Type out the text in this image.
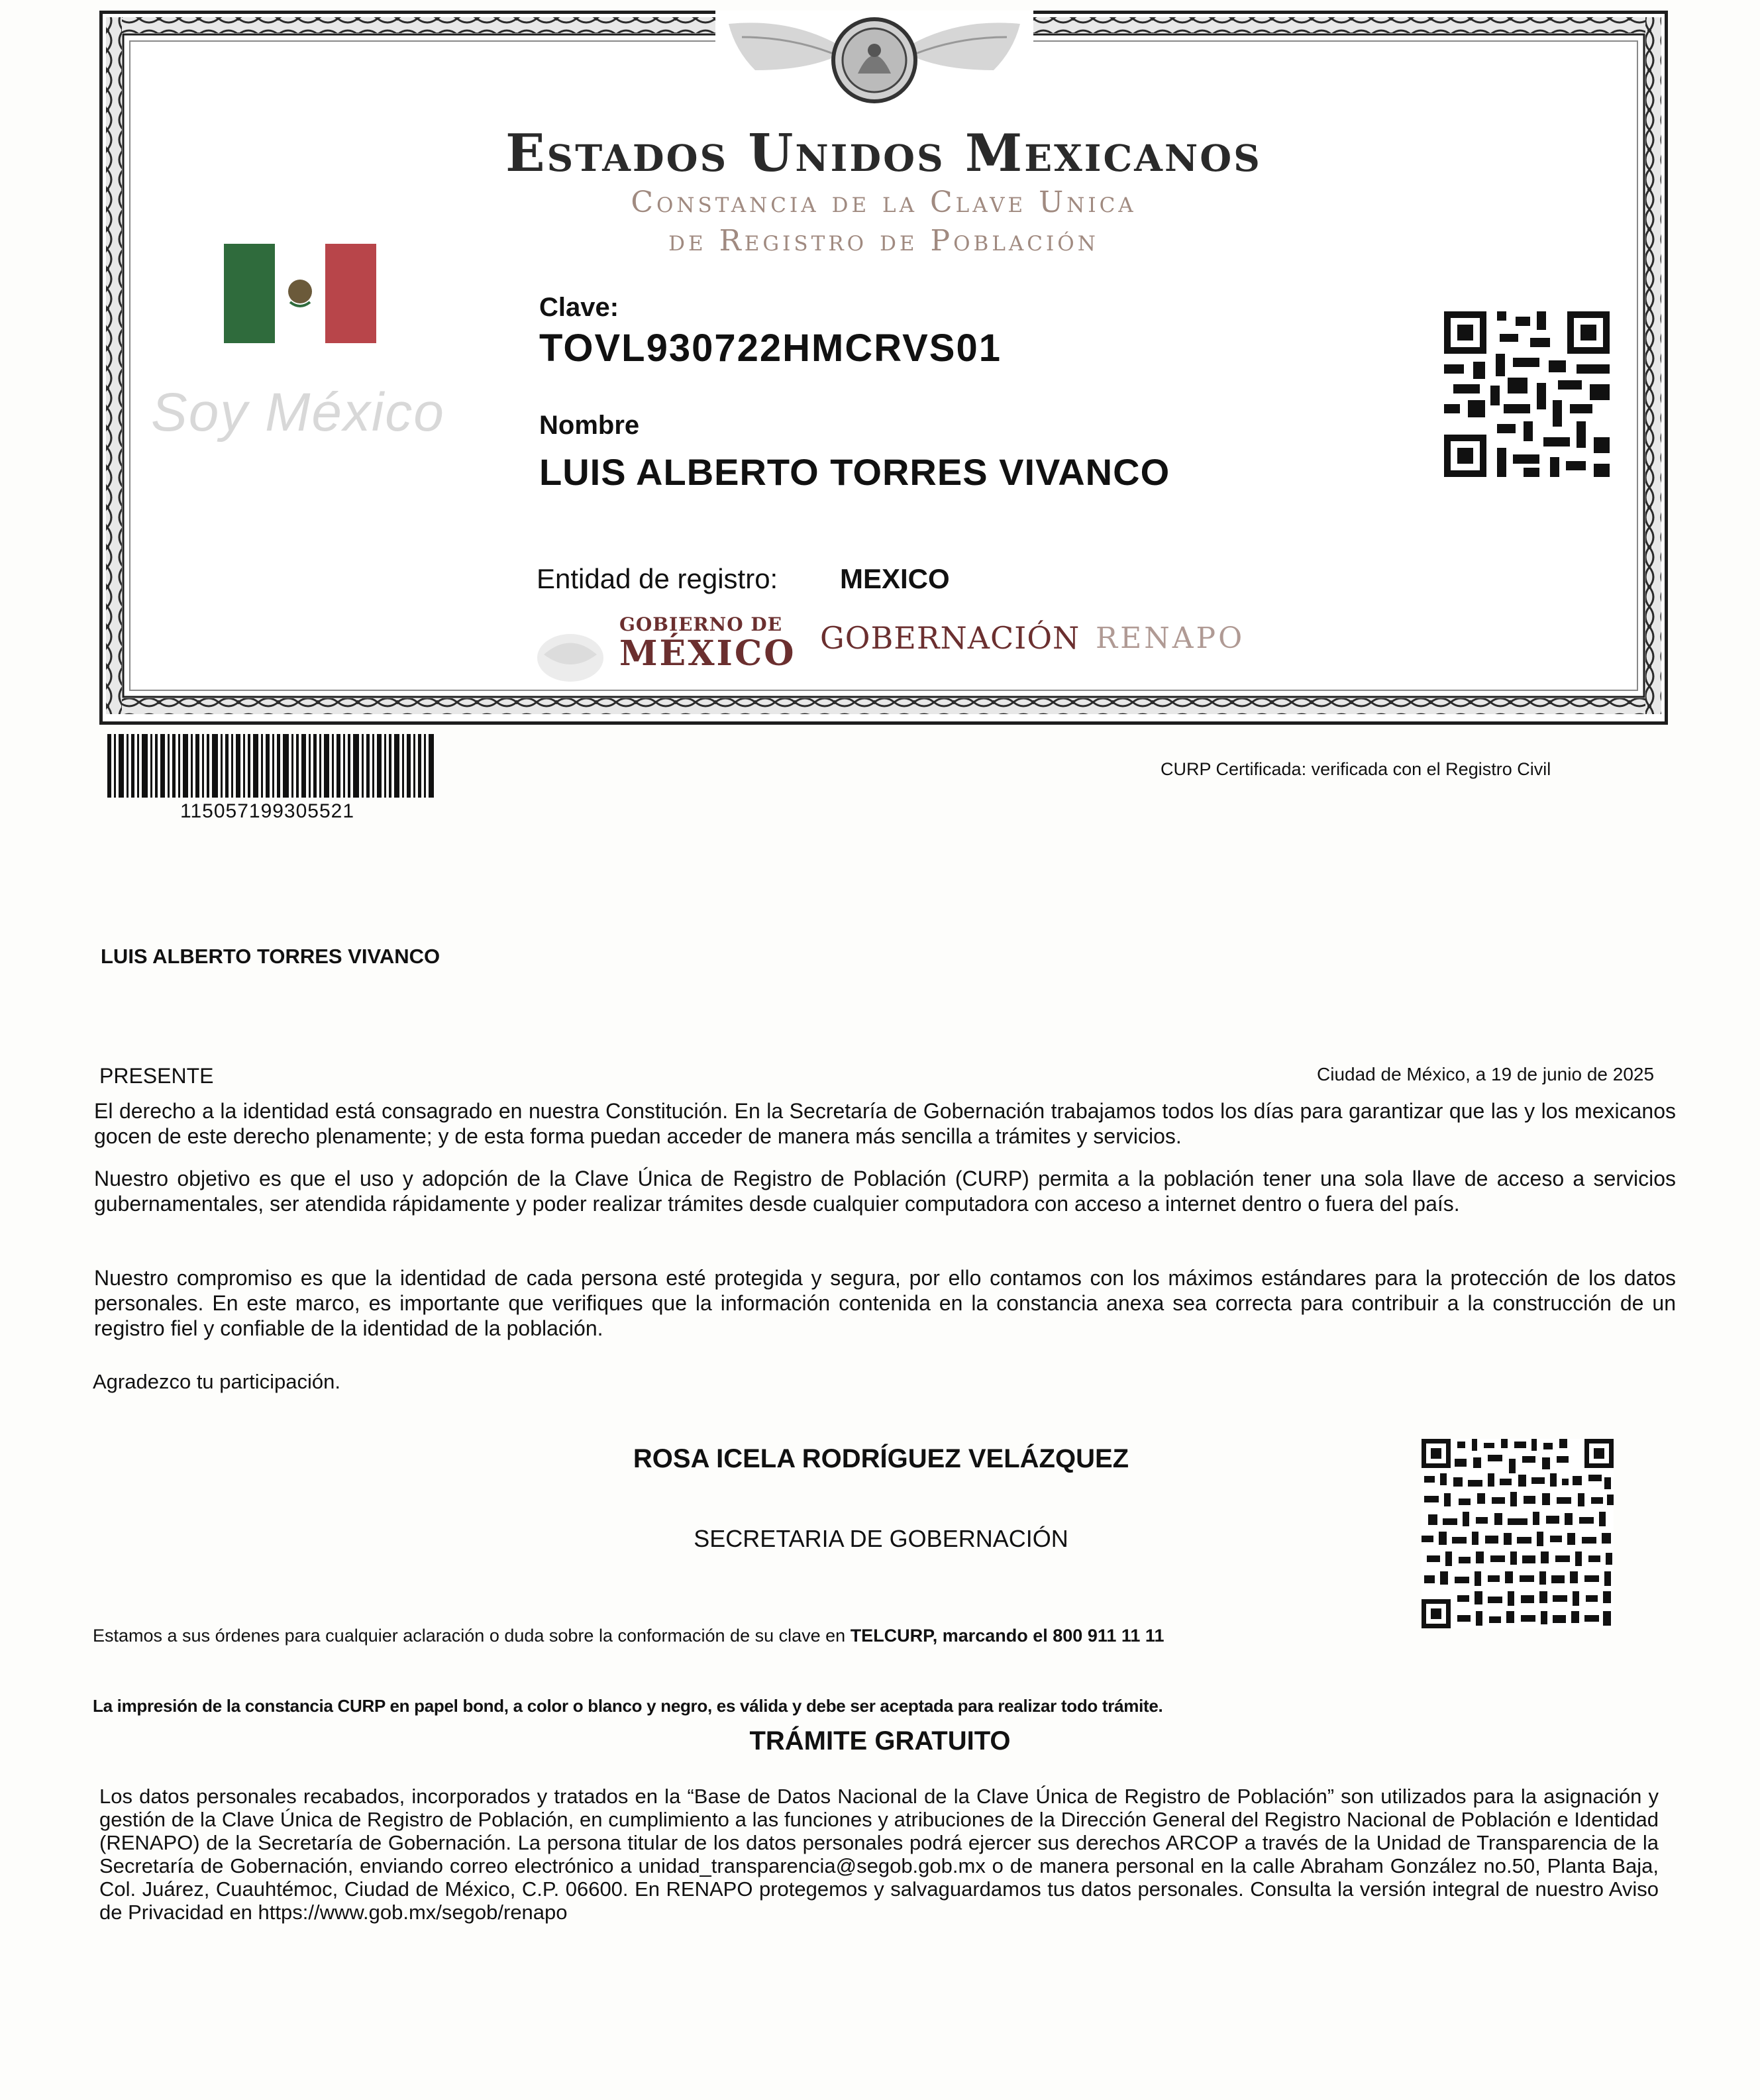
Estados Unidos Mexicanos
Constancia de la Clave Unica
de Registro de Población
Soy México
Clave:
TOVL930722HMCRVS01
Nombre
LUIS ALBERTO TORRES VIVANCO
Entidad de registro: MEXICO
GOBIERNO DE
MÉXICO GOBERNACIÓN RENAPO
115057199305521
CURP Certificada: verificada con el Registro Civil
LUIS ALBERTO TORRES VIVANCO
PRESENTE	Ciudad de México, a 19 de junio de 2025
El derecho a la identidad está consagrado en nuestra Constitución. En la Secretaría de Gobernación trabajamos todos los días para garantizar que las y los mexicanos gocen de este derecho plenamente; y de esta forma puedan acceder de manera más sencilla a trámites y servicios.
Nuestro objetivo es que el uso y adopción de la Clave Única de Registro de Población (CURP) permita a la población tener una sola llave de acceso a servicios gubernamentales, ser atendida rápidamente y poder realizar trámites desde cualquier computadora con acceso a internet dentro o fuera del país.
Nuestro compromiso es que la identidad de cada persona esté protegida y segura, por ello contamos con los máximos estándares para la protección de los datos personales. En este marco, es importante que verifiques que la información contenida en la constancia anexa sea correcta para contribuir a la construcción de un registro fiel y confiable de la identidad de la población.
Agradezco tu participación.
ROSA ICELA RODRÍGUEZ VELÁZQUEZ
SECRETARIA DE GOBERNACIÓN
Estamos a sus órdenes para cualquier aclaración o duda sobre la conformación de su clave en TELCURP, marcando el 800 911 11 11
La impresión de la constancia CURP en papel bond, a color o blanco y negro, es válida y debe ser aceptada para realizar todo trámite.
TRÁMITE GRATUITO
Los datos personales recabados, incorporados y tratados en la “Base de Datos Nacional de la Clave Única de Registro de Población” son utilizados para la asignación y gestión de la Clave Única de Registro de Población, en cumplimiento a las funciones y atribuciones de la Dirección General del Registro Nacional de Población e Identidad (RENAPO) de la Secretaría de Gobernación. La persona titular de los datos personales podrá ejercer sus derechos ARCOP a través de la Unidad de Transparencia de la Secretaría de Gobernación, enviando correo electrónico a unidad_transparencia@segob.gob.mx o de manera personal en la calle Abraham González no.50, Planta Baja, Col. Juárez, Cuauhtémoc, Ciudad de México, C.P. 06600. En RENAPO protegemos y salvaguardamos tus datos personales. Consulta la versión integral de nuestro Aviso de Privacidad en https://www.gob.mx/segob/renapo
